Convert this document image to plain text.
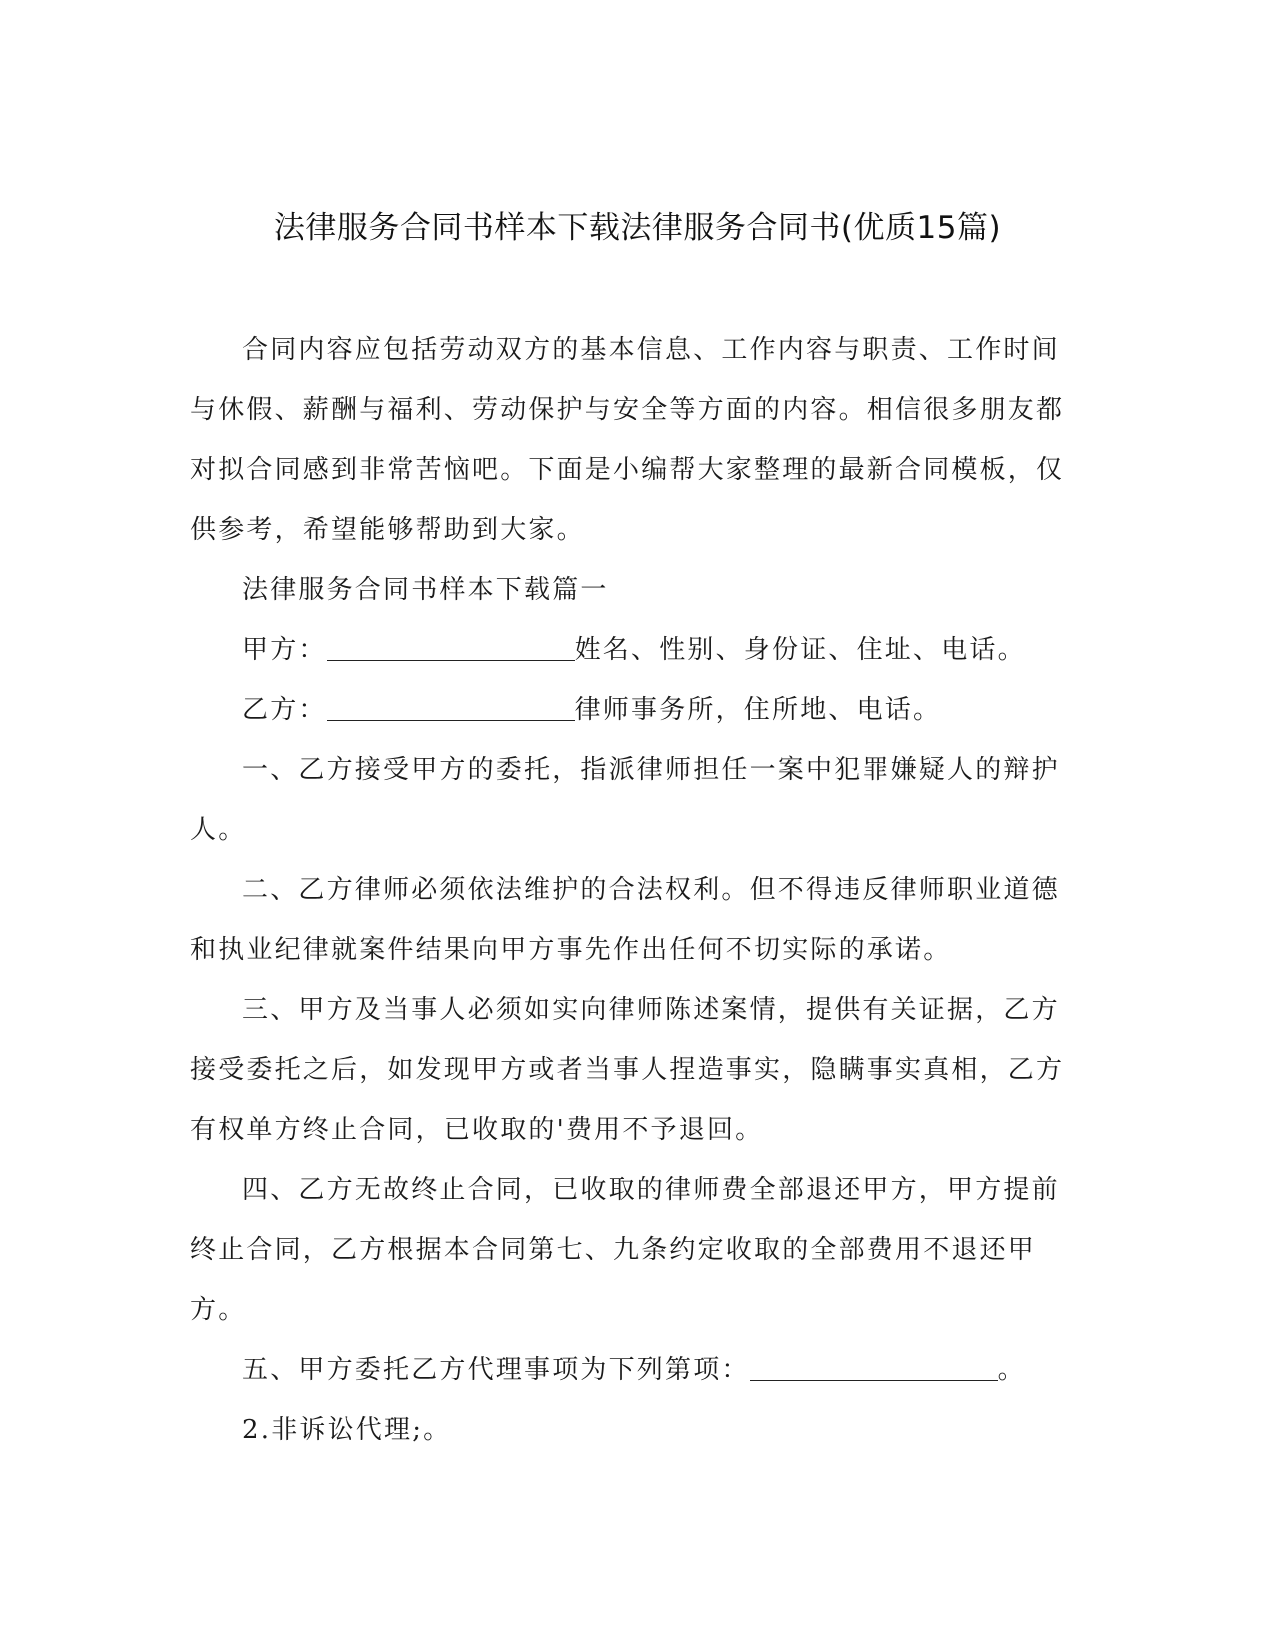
法律服务合同书样本下载法律服务合同书(优质15篇)

合同内容应包括劳动双方的基本信息、工作内容与职责、工作时间与休假、薪酬与福利、劳动保护与安全等方面的内容。相信很多朋友都对拟合同感到非常苦恼吧。下面是小编帮大家整理的最新合同模板，仅供参考，希望能够帮助到大家。

法律服务合同书样本下载篇一

甲方：	姓名、性别、身份证、住址、电话。

乙方：	律师事务所，住所地、电话。

一、乙方接受甲方的委托，指派律师担任一案中犯罪嫌疑人的辩护人。

二、乙方律师必须依法维护的合法权利。但不得违反律师职业道德和执业纪律就案件结果向甲方事先作出任何不切实际的承诺。

三、甲方及当事人必须如实向律师陈述案情，提供有关证据，乙方接受委托之后，如发现甲方或者当事人捏造事实，隐瞒事实真相，乙方有权单方终止合同，已收取的'费用不予退回。

四、乙方无故终止合同，已收取的律师费全部退还甲方，甲方提前终止合同，乙方根据本合同第七、九条约定收取的全部费用不退还甲方。

五、甲方委托乙方代理事项为下列第项：	。

2.非诉讼代理;。
